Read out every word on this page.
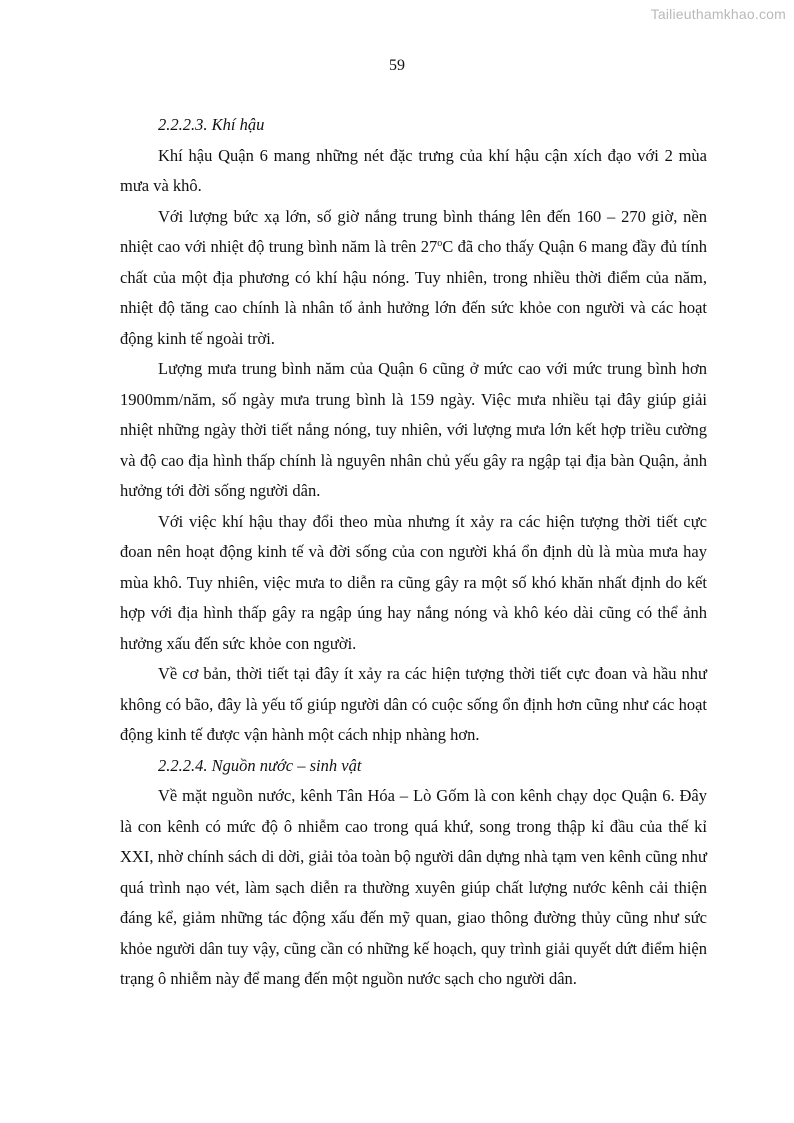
Tailieuthamkhao.com
59

2.2.2.3. Khí hậu

Khí hậu Quận 6 mang những nét đặc trưng của khí hậu cận xích đạo với 2 mùa mưa và khô.

Với lượng bức xạ lớn, số giờ nắng trung bình tháng lên đến 160 – 270 giờ, nền nhiệt cao với nhiệt độ trung bình năm là trên 27$^o$C đã cho thấy Quận 6 mang đầy đủ tính chất của một địa phương có khí hậu nóng. Tuy nhiên, trong nhiều thời điểm của năm, nhiệt độ tăng cao chính là nhân tố ảnh hưởng lớn đến sức khỏe con người và các hoạt động kinh tế ngoài trời.

Lượng mưa trung bình năm của Quận 6 cũng ở mức cao với mức trung bình hơn 1900mm/năm, số ngày mưa trung bình là 159 ngày. Việc mưa nhiều tại đây giúp giải nhiệt những ngày thời tiết nắng nóng, tuy nhiên, với lượng mưa lớn kết hợp triều cường và độ cao địa hình thấp chính là nguyên nhân chủ yếu gây ra ngập tại địa bàn Quận, ảnh hưởng tới đời sống người dân.

Với việc khí hậu thay đổi theo mùa nhưng ít xảy ra các hiện tượng thời tiết cực đoan nên hoạt động kinh tế và đời sống của con người khá ổn định dù là mùa mưa hay mùa khô. Tuy nhiên, việc mưa to diễn ra cũng gây ra một số khó khăn nhất định do kết hợp với địa hình thấp gây ra ngập úng hay nắng nóng và khô kéo dài cũng có thể ảnh hưởng xấu đến sức khỏe con người.

Về cơ bản, thời tiết tại đây ít xảy ra các hiện tượng thời tiết cực đoan và hầu như không có bão, đây là yếu tố giúp người dân có cuộc sống ổn định hơn cũng như các hoạt động kinh tế được vận hành một cách nhịp nhàng hơn.

2.2.2.4. Nguồn nước – sinh vật

Về mặt nguồn nước, kênh Tân Hóa – Lò Gốm là con kênh chạy dọc Quận 6. Đây là con kênh có mức độ ô nhiễm cao trong quá khứ, song trong thập kỉ đầu của thế kỉ XXI, nhờ chính sách di dời, giải tỏa toàn bộ người dân dựng nhà tạm ven kênh cũng như quá trình nạo vét, làm sạch diễn ra thường xuyên giúp chất lượng nước kênh cải thiện đáng kể, giảm những tác động xấu đến mỹ quan, giao thông đường thủy cũng như sức khỏe người dân tuy vậy, cũng cần có những kế hoạch, quy trình giải quyết dứt điểm hiện trạng ô nhiễm này để mang đến một nguồn nước sạch cho người dân.
